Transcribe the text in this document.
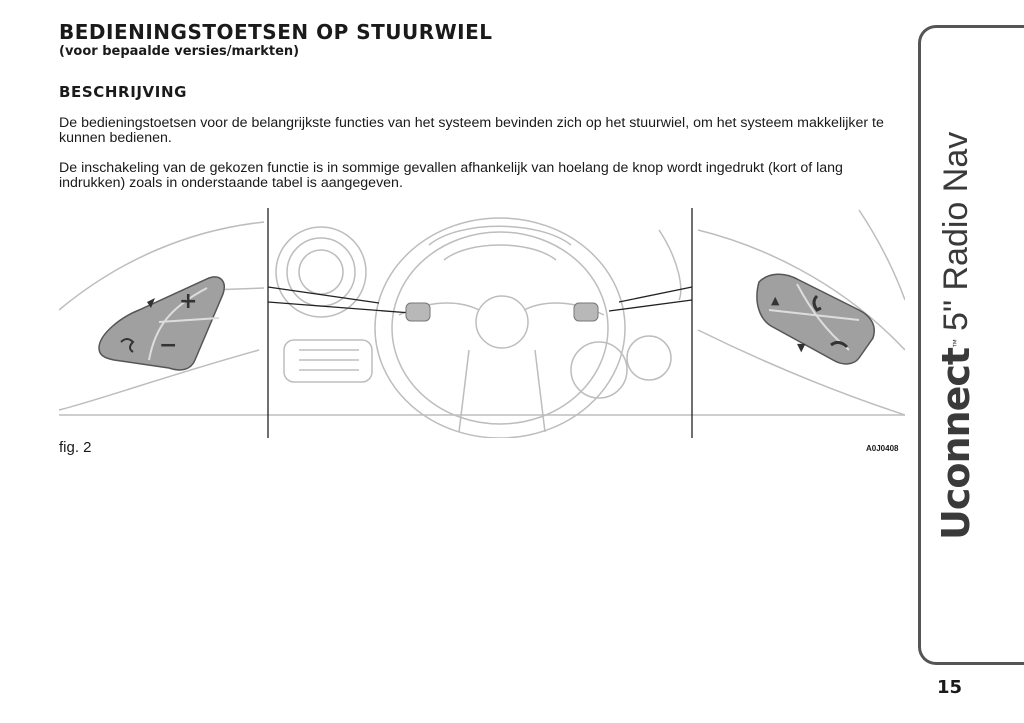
BEDIENINGSTOETSEN OP STUURWIEL
(voor bepaalde versies/markten)
BESCHRIJVING
De bedieningstoetsen voor de belangrijkste functies van het systeem bevinden zich op het stuurwiel, om het systeem makkelijker te kunnen bedienen.
De inschakeling van de gekozen functie is in sommige gevallen afhankelijk van hoelang de knop wordt ingedrukt (kort of lang indrukken) zoals in onderstaande tabel is aangegeven.
+
−
▲
▼
fig. 2	A0J0408 Uconnect
™
5" Radio Nav
15
